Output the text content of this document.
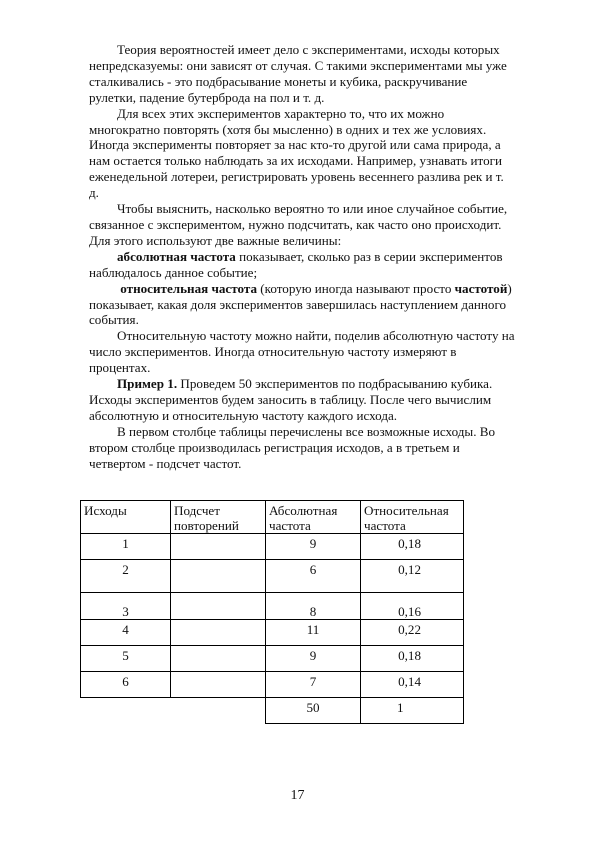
Теория вероятностей имеет дело с экспериментами, исходы которых непредсказуемы: они зависят от случая. С такими экспериментами мы уже сталкивались - это подбрасывание монеты и кубика, раскручивание рулетки, падение бутерброда на пол и т. д.

Для всех этих экспериментов характерно то, что их можно многократно повторять (хотя бы мысленно) в одних и тех же условиях. Иногда эксперименты повторяет за нас кто-то другой или сама природа, а нам остается только наблюдать за их исходами. Например, узнавать итоги еженедельной лотереи, регистрировать уровень весеннего разлива рек и т. д.

Чтобы выяснить, насколько вероятно то или иное случайное событие, связанное с экспериментом, нужно подсчитать, как часто оно происходит. Для этого используют две важные величины:

абсолютная частота показывает, сколько раз в серии экспериментов наблюдалось данное событие;

относительная частота (которую иногда называют просто частотой) показывает, какая доля экспериментов завершилась наступлением данного события.

Относительную частоту можно найти, поделив абсолютную частоту на число экспериментов. Иногда относительную частоту измеряют в процентах.

Пример 1. Проведем 50 экспериментов по подбрасыванию кубика. Исходы экспериментов будем заносить в таблицу. После чего вычислим абсолютную и относительную частоту каждого исхода.

В первом столбце таблицы перечислены все возможные исходы. Во втором столбце производилась регистрация исходов, а в третьем и четвертом - подсчет частот.

Исходы	Подсчет повторений	Абсолютная частота	Относительная частота
1		9	0,18
2		6	0,12
3		8	0,16
4		11	0,22
5		9	0,18
6		7	0,14
		50	1
17
